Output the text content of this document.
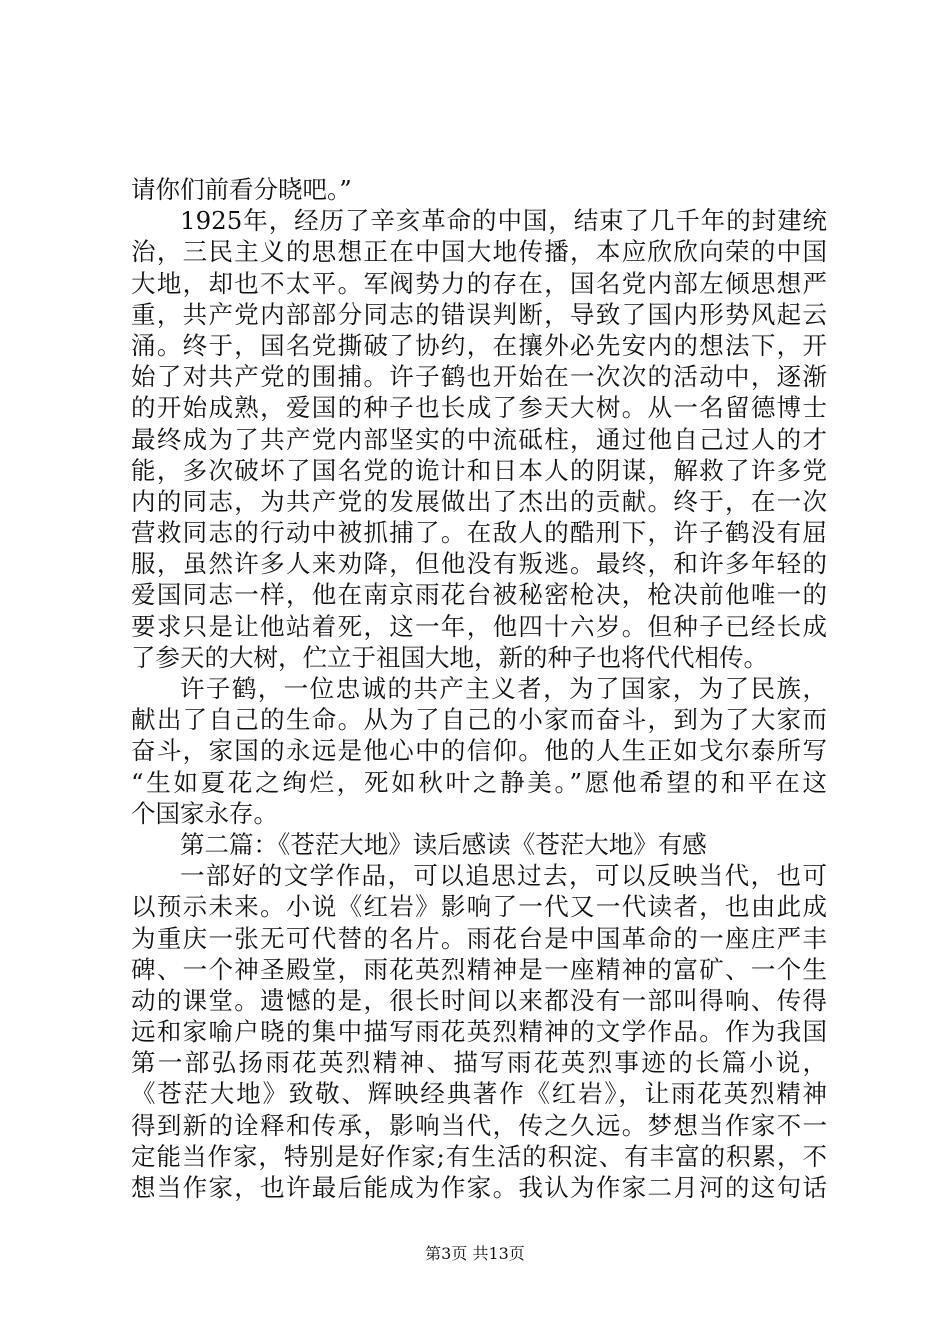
请你们前看分晓吧。”
1925年，经历了辛亥革命的中国，结束了几千年的封建统
治，三民主义的思想正在中国大地传播，本应欣欣向荣的中国
大地，却也不太平。军阀势力的存在，国名党内部左倾思想严
重，共产党内部部分同志的错误判断，导致了国内形势风起云
涌。终于，国名党撕破了协约，在攘外必先安内的想法下，开
始了对共产党的围捕。许子鹤也开始在一次次的活动中，逐渐
的开始成熟，爱国的种子也长成了参天大树。从一名留德博士
最终成为了共产党内部坚实的中流砥柱，通过他自己过人的才
能，多次破坏了国名党的诡计和日本人的阴谋，解救了许多党
内的同志，为共产党的发展做出了杰出的贡献。终于，在一次
营救同志的行动中被抓捕了。在敌人的酷刑下，许子鹤没有屈
服，虽然许多人来劝降，但他没有叛逃。最终，和许多年轻的
爱国同志一样，他在南京雨花台被秘密枪决，枪决前他唯一的
要求只是让他站着死，这一年，他四十六岁。但种子已经长成
了参天的大树，伫立于祖国大地，新的种子也将代代相传。
许子鹤，一位忠诚的共产主义者，为了国家，为了民族，
献出了自己的生命。从为了自己的小家而奋斗，到为了大家而
奋斗，家国的永远是他心中的信仰。他的人生正如戈尔泰所写
“生如夏花之绚烂，死如秋叶之静美。”愿他希望的和平在这
个国家永存。
第二篇：《苍茫大地》读后感读《苍茫大地》有感
一部好的文学作品，可以追思过去，可以反映当代，也可
以预示未来。小说《红岩》影响了一代又一代读者，也由此成
为重庆一张无可代替的名片。雨花台是中国革命的一座庄严丰
碑、一个神圣殿堂，雨花英烈精神是一座精神的富矿、一个生
动的课堂。遗憾的是，很长时间以来都没有一部叫得响、传得
远和家喻户晓的集中描写雨花英烈精神的文学作品。作为我国
第一部弘扬雨花英烈精神、描写雨花英烈事迹的长篇小说，
《苍茫大地》致敬、辉映经典著作《红岩》，让雨花英烈精神
得到新的诠释和传承，影响当代，传之久远。梦想当作家不一
定能当作家，特别是好作家;有生活的积淀、有丰富的积累，不
想当作家，也许最后能成为作家。我认为作家二月河的这句话
第3页 共13页
